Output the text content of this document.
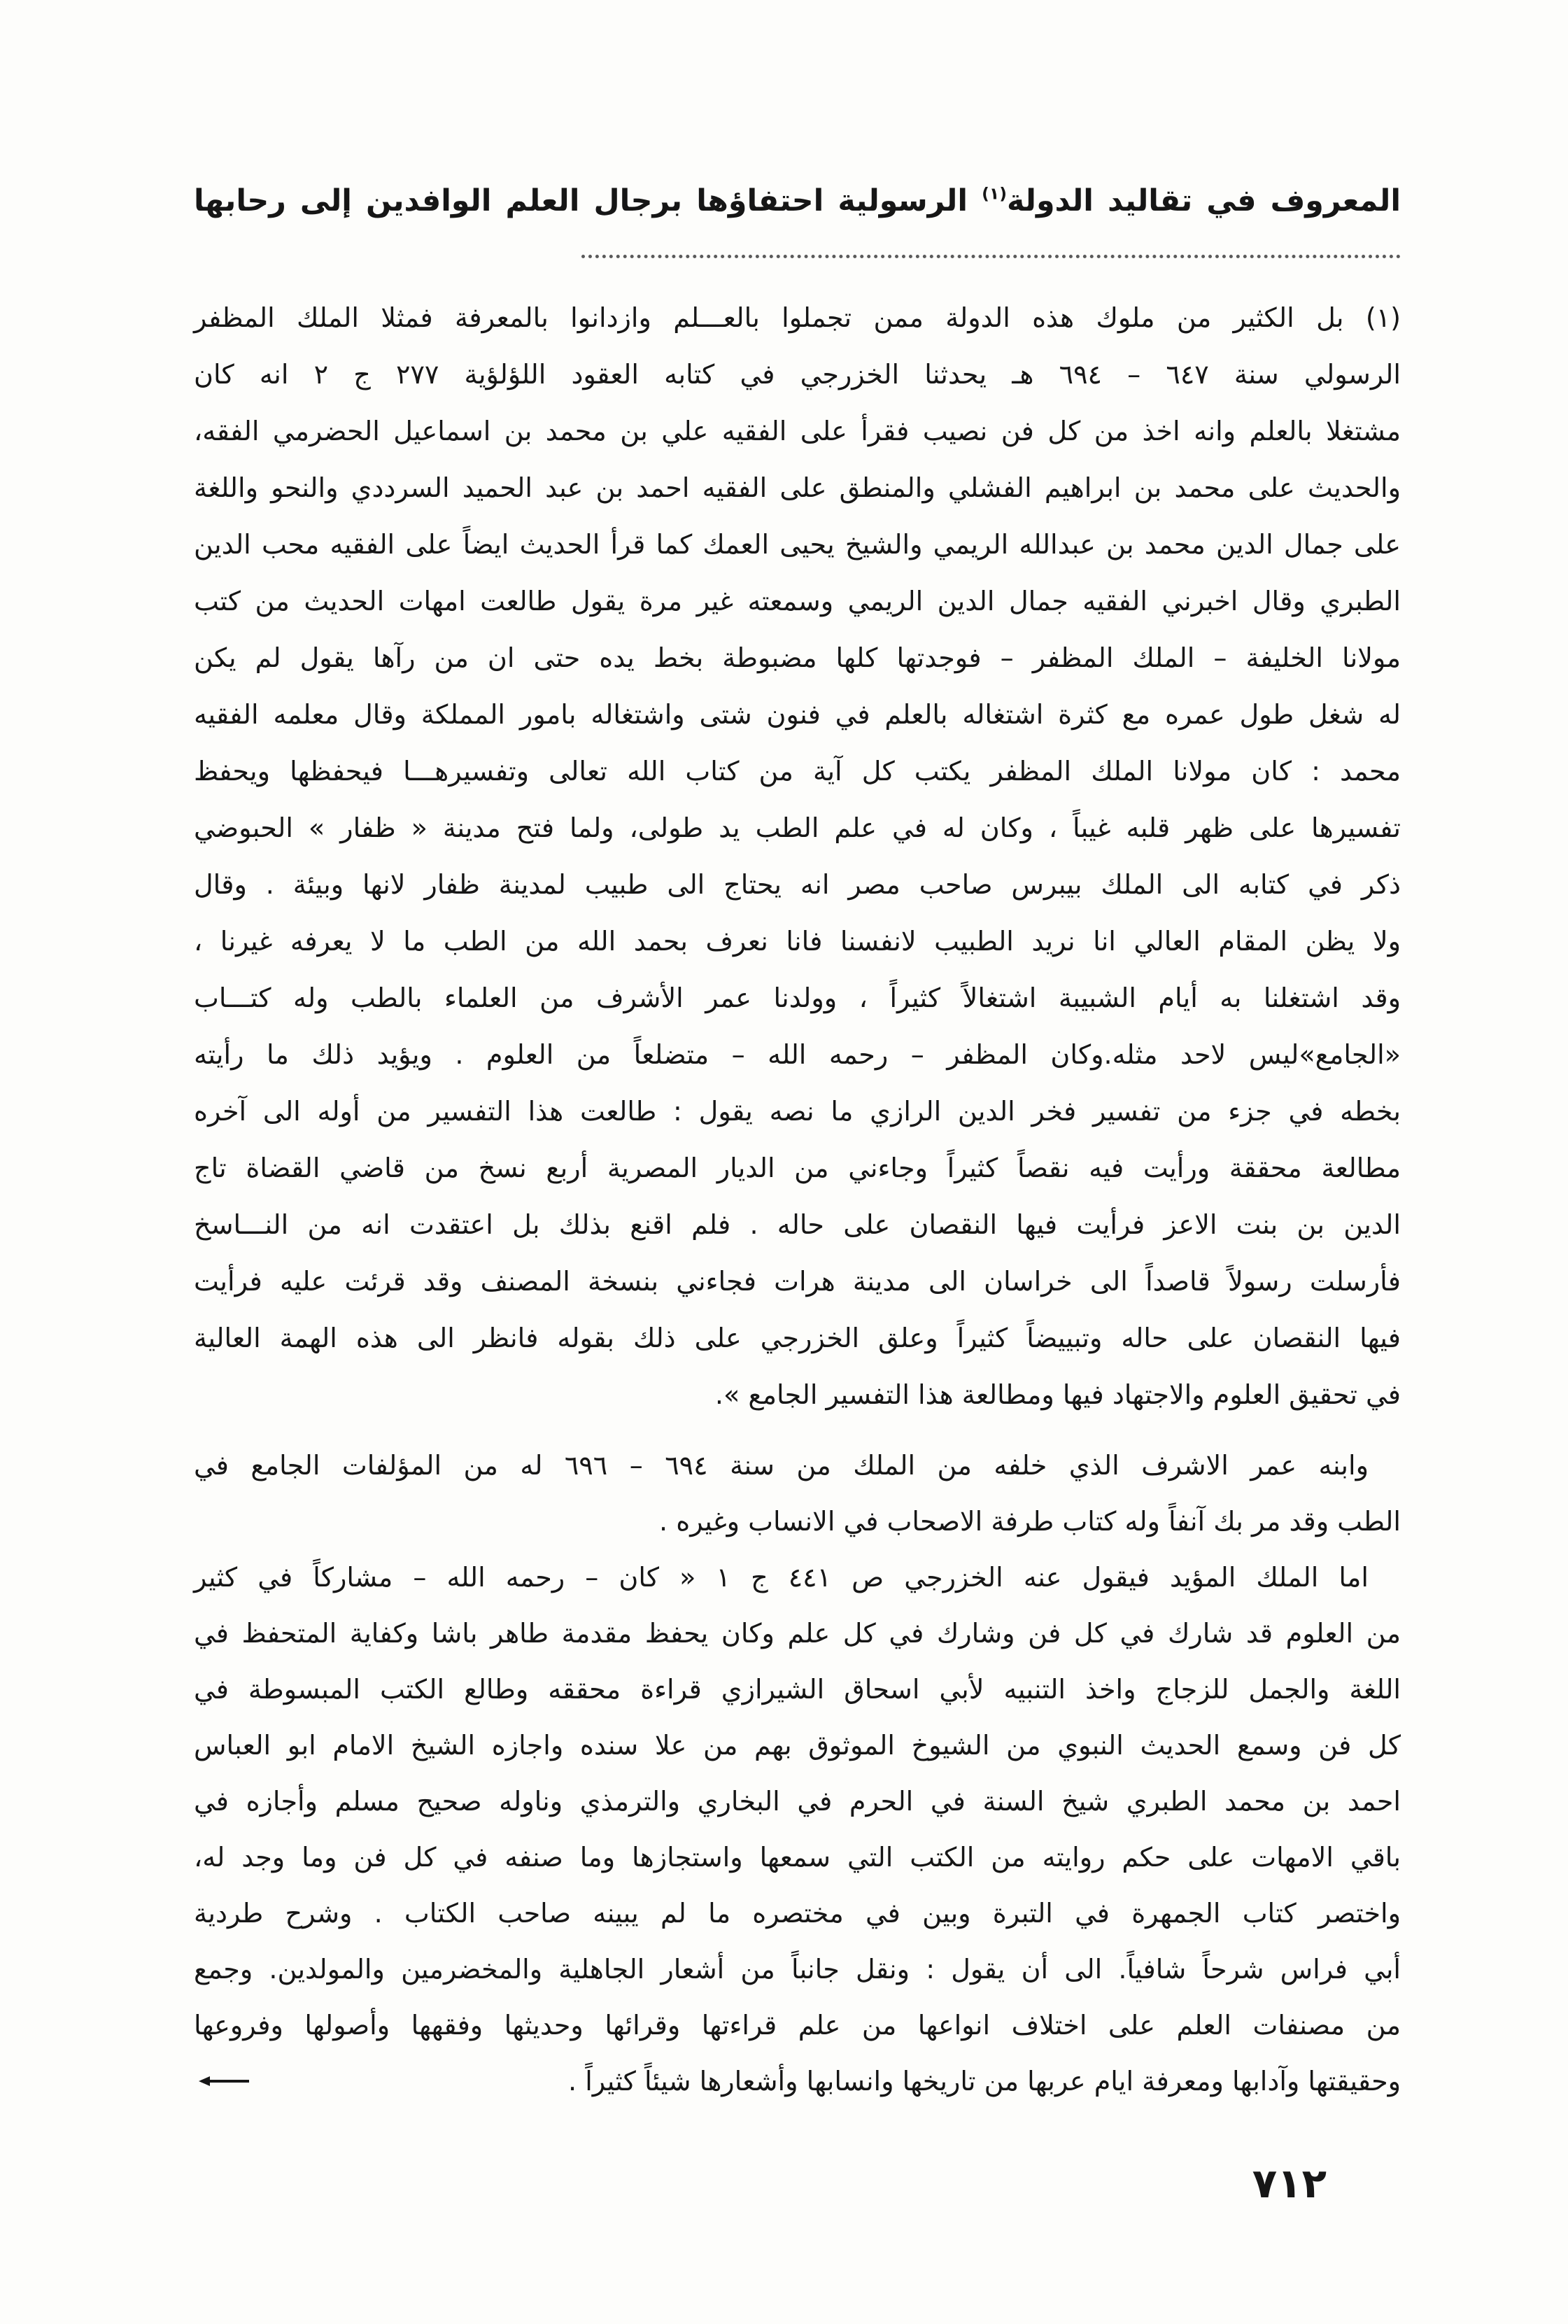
المعروف في تقاليد الدولة$^{(١)}$ الرسولية احتفاؤها برجال العلم الوافدين إلى رحابها
(١) بل الكثير من ملوك هذه الدولة ممن تجملوا بالعـــلم وازدانوا بالمعرفة فمثلا الملك المظفر
الرسولي سنة ٦٤٧ – ٦٩٤ هـ يحدثنا الخزرجي في كتابه العقود اللؤلؤية ٢٧٧ ج ٢ انه كان
مشتغلا بالعلم وانه اخذ من كل فن نصيب فقرأ على الفقيه علي بن محمد بن اسماعيل الحضرمي الفقه،
والحديث على محمد بن ابراهيم الفشلي والمنطق على الفقيه احمد بن عبد الحميد السرددي والنحو واللغة
على جمال الدين محمد بن عبدالله الريمي والشيخ يحيى العمك كما قرأ الحديث ايضاً على الفقيه محب الدين
الطبري وقال اخبرني الفقيه جمال الدين الريمي وسمعته غير مرة يقول طالعت امهات الحديث من كتب
مولانا الخليفة – الملك المظفر – فوجدتها كلها مضبوطة بخط يده حتى ان من رآها يقول لم يكن
له شغل طول عمره مع كثرة اشتغاله بالعلم في فنون شتى واشتغاله بامور المملكة وقال معلمه الفقيه
محمد : كان مولانا الملك المظفر يكتب كل آية من كتاب الله تعالى وتفسيرهـــا فيحفظها ويحفظ
تفسيرها على ظهر قلبه غيباً ، وكان له في علم الطب يد طولى، ولما فتح مدينة « ظفار » الحبوضي
ذكر في كتابه الى الملك بيبرس صاحب مصر انه يحتاج الى طبيب لمدينة ظفار لانها وبيئة . وقال
ولا يظن المقام العالي انا نريد الطبيب لانفسنا فانا نعرف بحمد الله من الطب ما لا يعرفه غيرنا ،
وقد اشتغلنا به أيام الشبيبة اشتغالاً كثيراً ، وولدنا عمر الأشرف من العلماء بالطب وله كتـــاب
«الجامع»ليس لاحد مثله.وكان المظفر – رحمه الله – متضلعاً من العلوم . ويؤيد ذلك ما رأيته
بخطه في جزء من تفسير فخر الدين الرازي ما نصه يقول : طالعت هذا التفسير من أوله الى آخره
مطالعة محققة ورأيت فيه نقصاً كثيراً وجاءني من الديار المصرية أربع نسخ من قاضي القضاة تاج
الدين بن بنت الاعز فرأيت فيها النقصان على حاله . فلم اقنع بذلك بل اعتقدت انه من النـــاسخ
فأرسلت رسولاً قاصداً الى خراسان الى مدينة هرات فجاءني بنسخة المصنف وقد قرئت عليه فرأيت
فيها النقصان على حاله وتبييضاً كثيراً وعلق الخزرجي على ذلك بقوله فانظر الى هذه الهمة العالية
في تحقيق العلوم والاجتهاد فيها ومطالعة هذا التفسير الجامع ».
وابنه عمر الاشرف الذي خلفه من الملك من سنة ٦٩٤ – ٦٩٦ له من المؤلفات الجامع في
الطب وقد مر بك آنفاً وله كتاب طرفة الاصحاب في الانساب وغيره .
اما الملك المؤيد فيقول عنه الخزرجي ص ٤٤١ ج ١ « كان – رحمه الله – مشاركاً في كثير
من العلوم قد شارك في كل فن وشارك في كل علم وكان يحفظ مقدمة طاهر باشا وكفاية المتحفظ في
اللغة والجمل للزجاج واخذ التنبيه لأبي اسحاق الشيرازي قراءة محققه وطالع الكتب المبسوطة في
كل فن وسمع الحديث النبوي من الشيوخ الموثوق بهم من علا سنده واجازه الشيخ الامام ابو العباس
احمد بن محمد الطبري شيخ السنة في الحرم في البخاري والترمذي وناوله صحيح مسلم وأجازه في
باقي الامهات على حكم روايته من الكتب التي سمعها واستجازها وما صنفه في كل فن وما وجد له،
واختصر كتاب الجمهرة في التبرة وبين في مختصره ما لم يبينه صاحب الكتاب . وشرح طردية
أبي فراس شرحاً شافياً. الى أن يقول : ونقل جانباً من أشعار الجاهلية والمخضرمين والمولدين. وجمع
من مصنفات العلم على اختلاف انواعها من علم قراءتها وقرائها وحديثها وفقهها وأصولها وفروعها
وحقيقتها وآدابها ومعرفة ايام عربها من تاريخها وانسابها وأشعارها شيئاً كثيراً .
٧١٢
